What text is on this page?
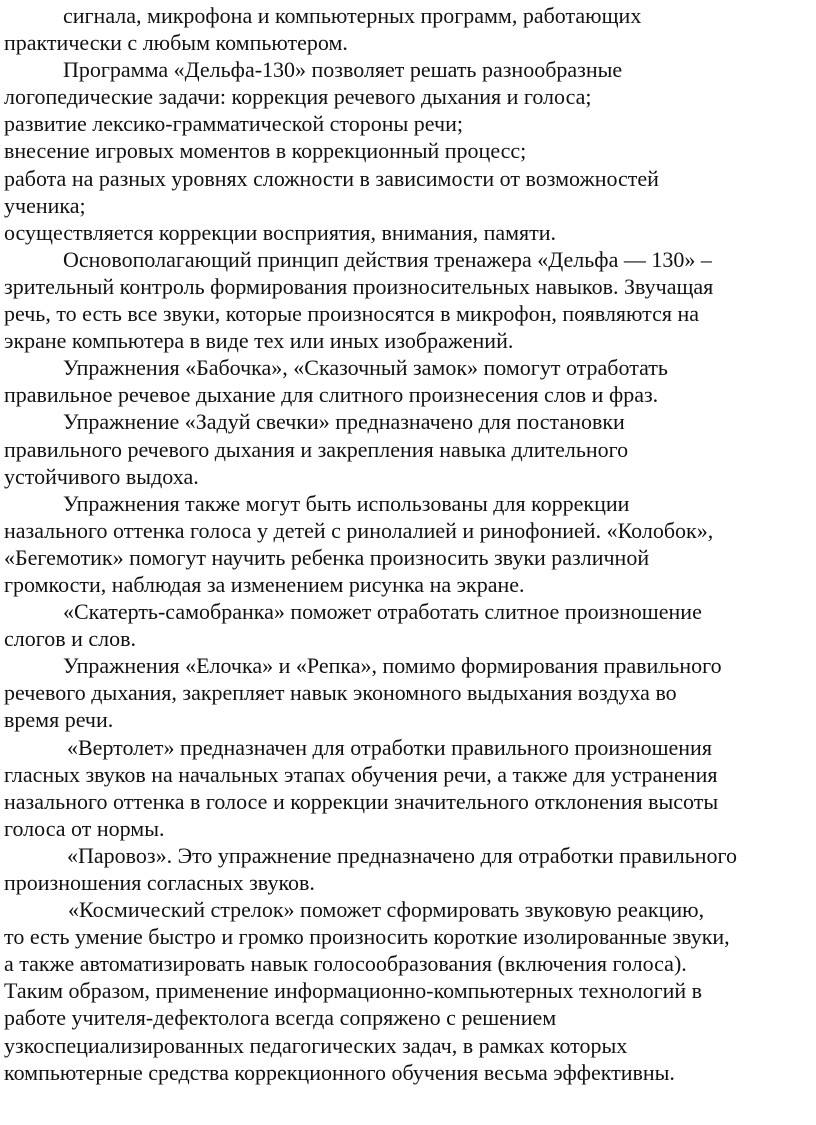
сигнала, микрофона и компьютерных программ, работающих
практически с любым компьютером.
Программа «Дельфа-130» позволяет решать разнообразные
логопедические задачи: коррекция речевого дыхания и голоса;
развитие лексико-грамматической стороны речи;
внесение игровых моментов в коррекционный процесс;
работа на разных уровнях сложности в зависимости от возможностей
ученика;
осуществляется коррекции восприятия, внимания, памяти.
Основополагающий принцип действия тренажера «Дельфа — 130» –
зрительный контроль формирования произносительных навыков. Звучащая
речь, то есть все звуки, которые произносятся в микрофон, появляются на
экране компьютера в виде тех или иных изображений.
Упражнения «Бабочка», «Сказочный замок» помогут отработать
правильное речевое дыхание для слитного произнесения слов и фраз.
Упражнение «Задуй свечки» предназначено для постановки
правильного речевого дыхания и закрепления навыка длительного
устойчивого выдоха.
Упражнения также могут быть использованы для коррекции
назального оттенка голоса у детей с ринолалией и ринофонией. «Колобок»,
«Бегемотик» помогут научить ребенка произносить звуки различной
громкости, наблюдая за изменением рисунка на экране.
«Скатерть-самобранка» поможет отработать слитное произношение
слогов и слов.
Упражнения «Елочка» и «Репка», помимо формирования правильного
речевого дыхания, закрепляет навык экономного выдыхания воздуха во
время речи.
«Вертолет» предназначен для отработки правильного произношения
гласных звуков на начальных этапах обучения речи, а также для устранения
назального оттенка в голосе и коррекции значительного отклонения высоты
голоса от нормы.
«Паровоз». Это упражнение предназначено для отработки правильного
произношения согласных звуков.
«Космический стрелок» поможет сформировать звуковую реакцию,
то есть умение быстро и громко произносить короткие изолированные звуки,
а также автоматизировать навык голосообразования (включения голоса).
Таким образом, применение информационно-компьютерных технологий в
работе учителя-дефектолога всегда сопряжено с решением
узкоспециализированных педагогических задач, в рамках которых
компьютерные средства коррекционного обучения весьма эффективны.
